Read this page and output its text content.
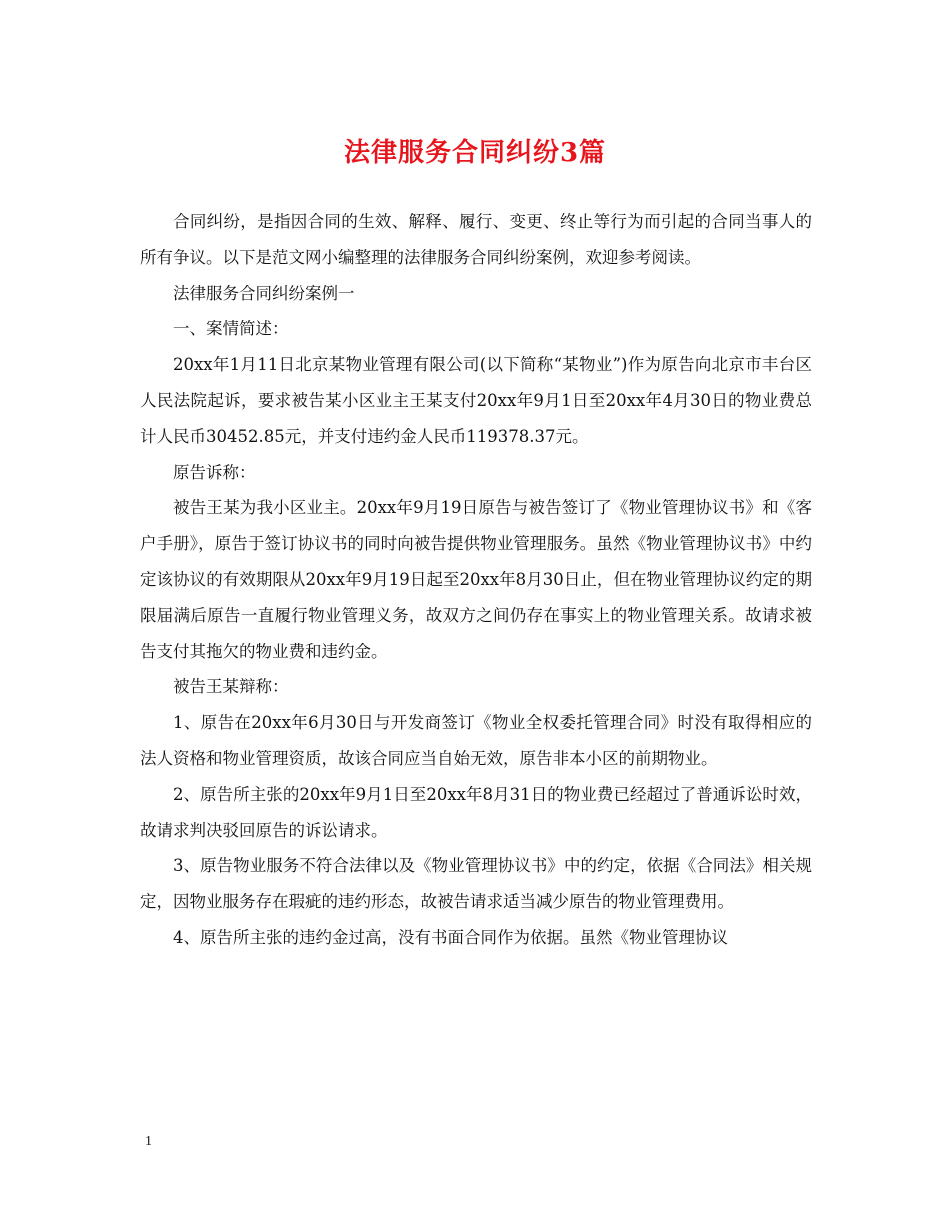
法律服务合同纠纷3篇

合同纠纷，是指因合同的生效、解释、履行、变更、终止等行为而引起的合同当事人的所有争议。以下是范文网小编整理的法律服务合同纠纷案例，欢迎参考阅读。

法律服务合同纠纷案例一

一、案情简述：

20xx年1月11日北京某物业管理有限公司(以下简称“某物业”)作为原告向北京市丰台区人民法院起诉，要求被告某小区业主王某支付20xx年9月1日至20xx年4月30日的物业费总计人民币30452.85元，并支付违约金人民币119378.37元。

原告诉称：

被告王某为我小区业主。20xx年9月19日原告与被告签订了《物业管理协议书》和《客户手册》，原告于签订协议书的同时向被告提供物业管理服务。虽然《物业管理协议书》中约定该协议的有效期限从20xx年9月19日起至20xx年8月30日止，但在物业管理协议约定的期限届满后原告一直履行物业管理义务，故双方之间仍存在事实上的物业管理关系。故请求被告支付其拖欠的物业费和违约金。

被告王某辩称：

1、原告在20xx年6月30日与开发商签订《物业全权委托管理合同》时没有取得相应的法人资格和物业管理资质，故该合同应当自始无效，原告非本小区的前期物业。

2、原告所主张的20xx年9月1日至20xx年8月31日的物业费已经超过了普通诉讼时效，故请求判决驳回原告的诉讼请求。

3、原告物业服务不符合法律以及《物业管理协议书》中的约定，依据《合同法》相关规定，因物业服务存在瑕疵的违约形态，故被告请求适当减少原告的物业管理费用。

4、原告所主张的违约金过高，没有书面合同作为依据。虽然《物业管理协议

1
